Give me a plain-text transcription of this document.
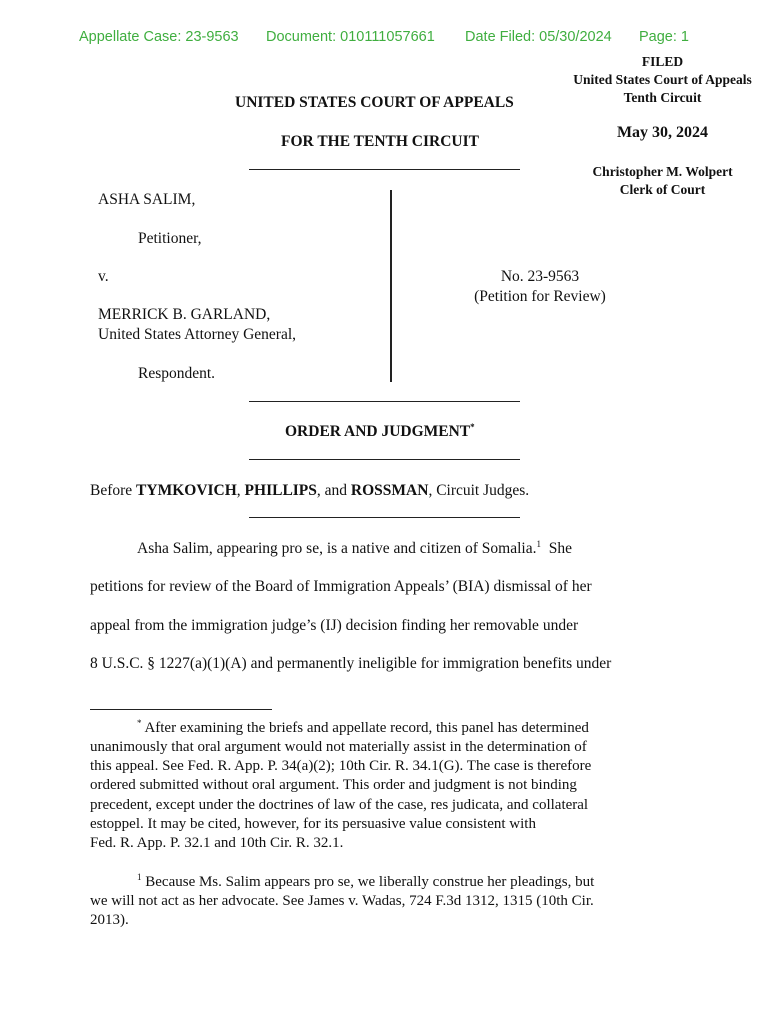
Appellate Case: 23-9563 Document: 010111057661 Date Filed: 05/30/2024 Page: 1
FILED
United States Court of Appeals
Tenth Circuit
May 30, 2024
Christopher M. Wolpert
Clerk of Court
UNITED STATES COURT OF APPEALS
FOR THE TENTH CIRCUIT
ASHA SALIM,
Petitioner,
v.
MERRICK B. GARLAND,
United States Attorney General,
Respondent.
No. 23-9563
(Petition for Review)
ORDER AND JUDGMENT*
Before TYMKOVICH, PHILLIPS, and ROSSMAN, Circuit Judges.
Asha Salim, appearing pro se, is a native and citizen of Somalia.$^1$  She
petitions for review of the Board of Immigration Appeals’ (BIA) dismissal of her
appeal from the immigration judge’s (IJ) decision finding her removable under
8 U.S.C. § 1227(a)(1)(A) and permanently ineligible for immigration benefits under
* After examining the briefs and appellate record, this panel has determined
unanimously that oral argument would not materially assist in the determination of
this appeal. See Fed. R. App. P. 34(a)(2); 10th Cir. R. 34.1(G). The case is therefore
ordered submitted without oral argument. This order and judgment is not binding
precedent, except under the doctrines of law of the case, res judicata, and collateral
estoppel. It may be cited, however, for its persuasive value consistent with
Fed. R. App. P. 32.1 and 10th Cir. R. 32.1.
$^1$ Because Ms. Salim appears pro se, we liberally construe her pleadings, but
we will not act as her advocate. See James v. Wadas, 724 F.3d 1312, 1315 (10th Cir.
2013).
